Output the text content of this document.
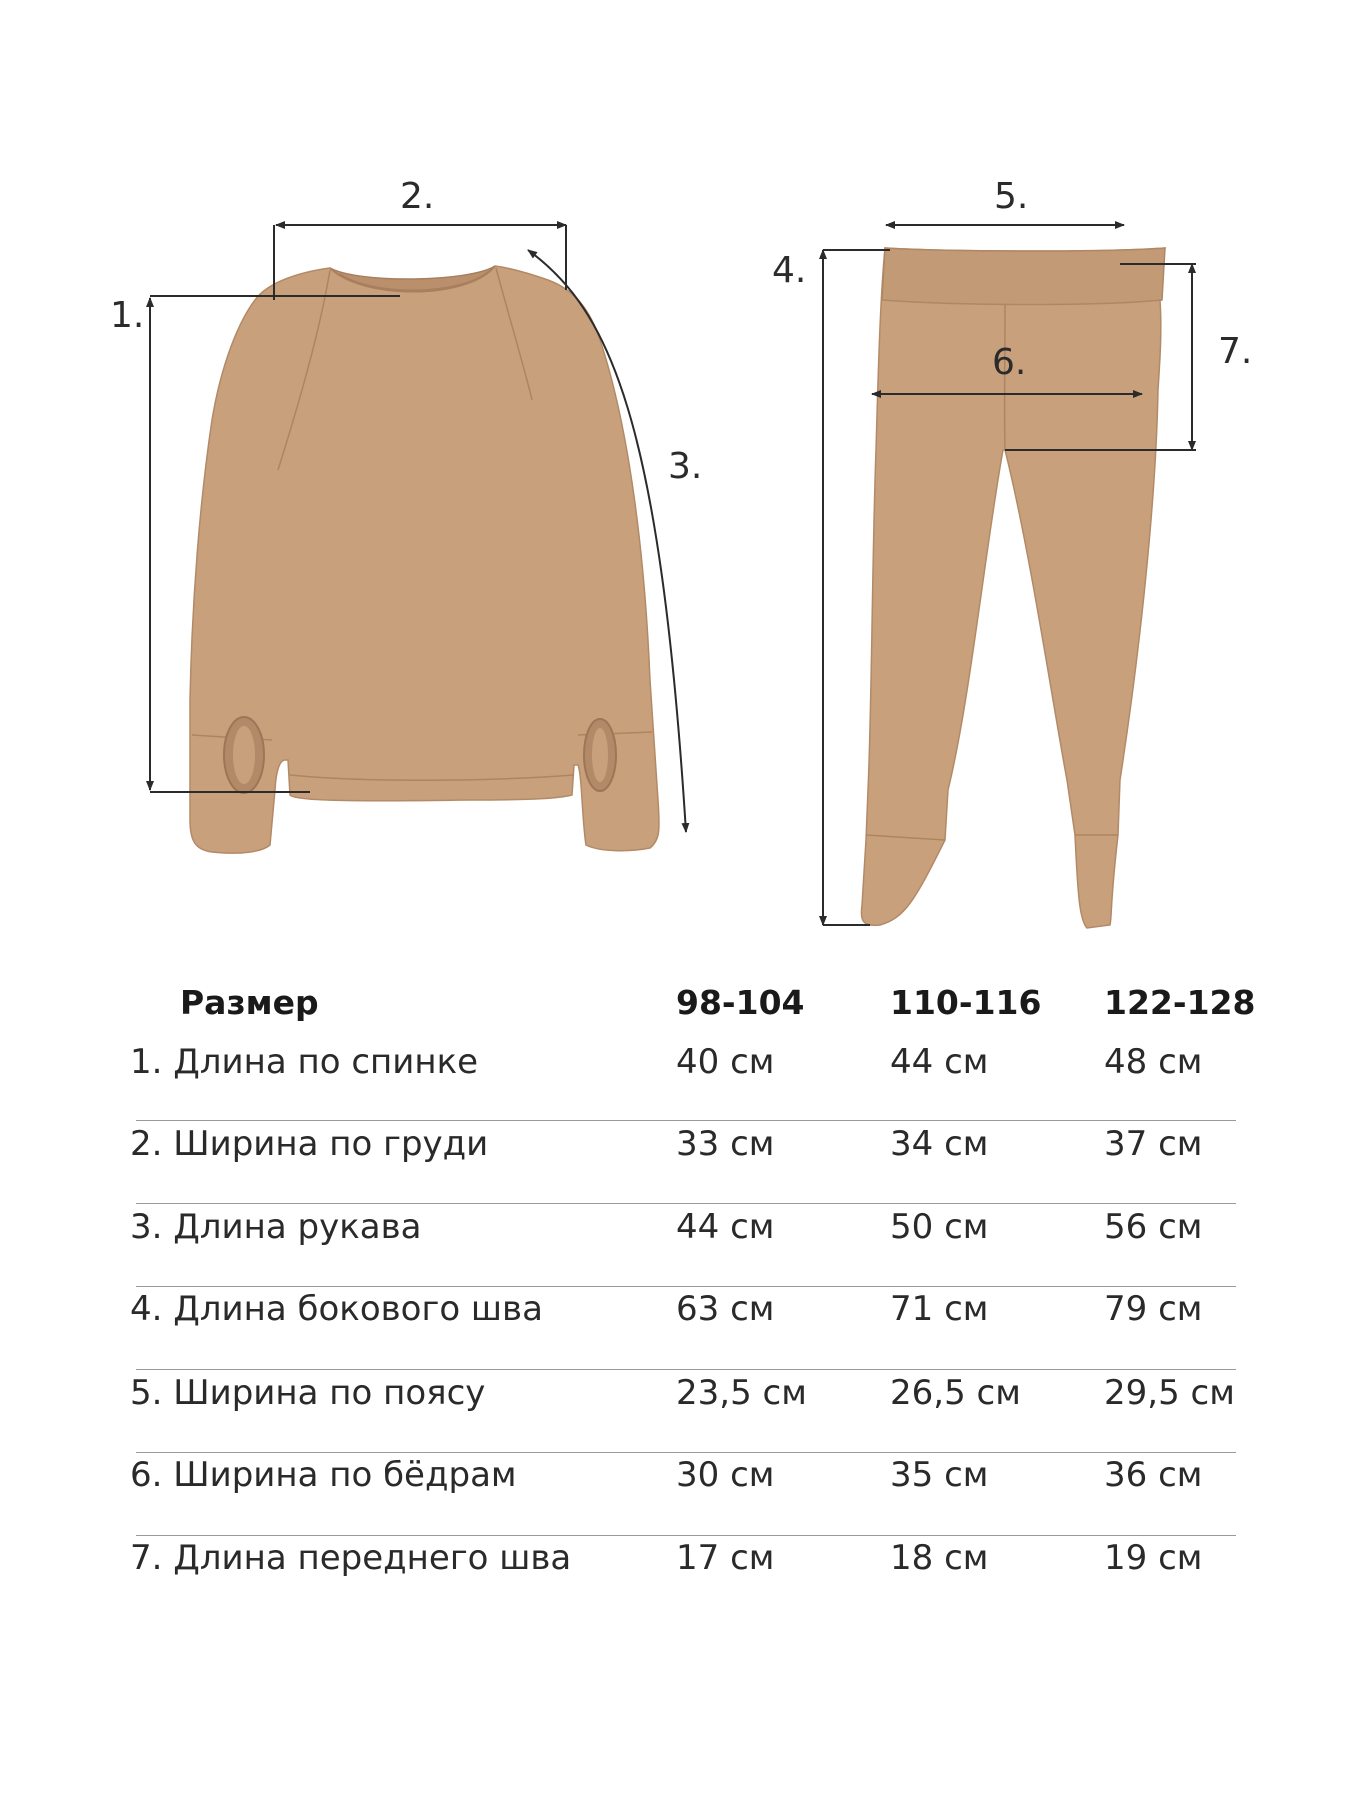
1.
2.
3.
4.
5.
6.	7.
Размер	98-104	110-116 122-128
1. Длина по спинке	40 см	44 см	48 см
2. Ширина по груди	33 см	34 см	37 см
3. Длина рукава	44 см	50 см	56 см
4. Длина бокового шва	63 см	71 см	79 см
5. Ширина по поясу	23,5 см 26,5 см 29,5 см
6. Ширина по бёдрам	30 см	35 см	36 см
7. Длина переднего шва	17 см	18 см	19 см
